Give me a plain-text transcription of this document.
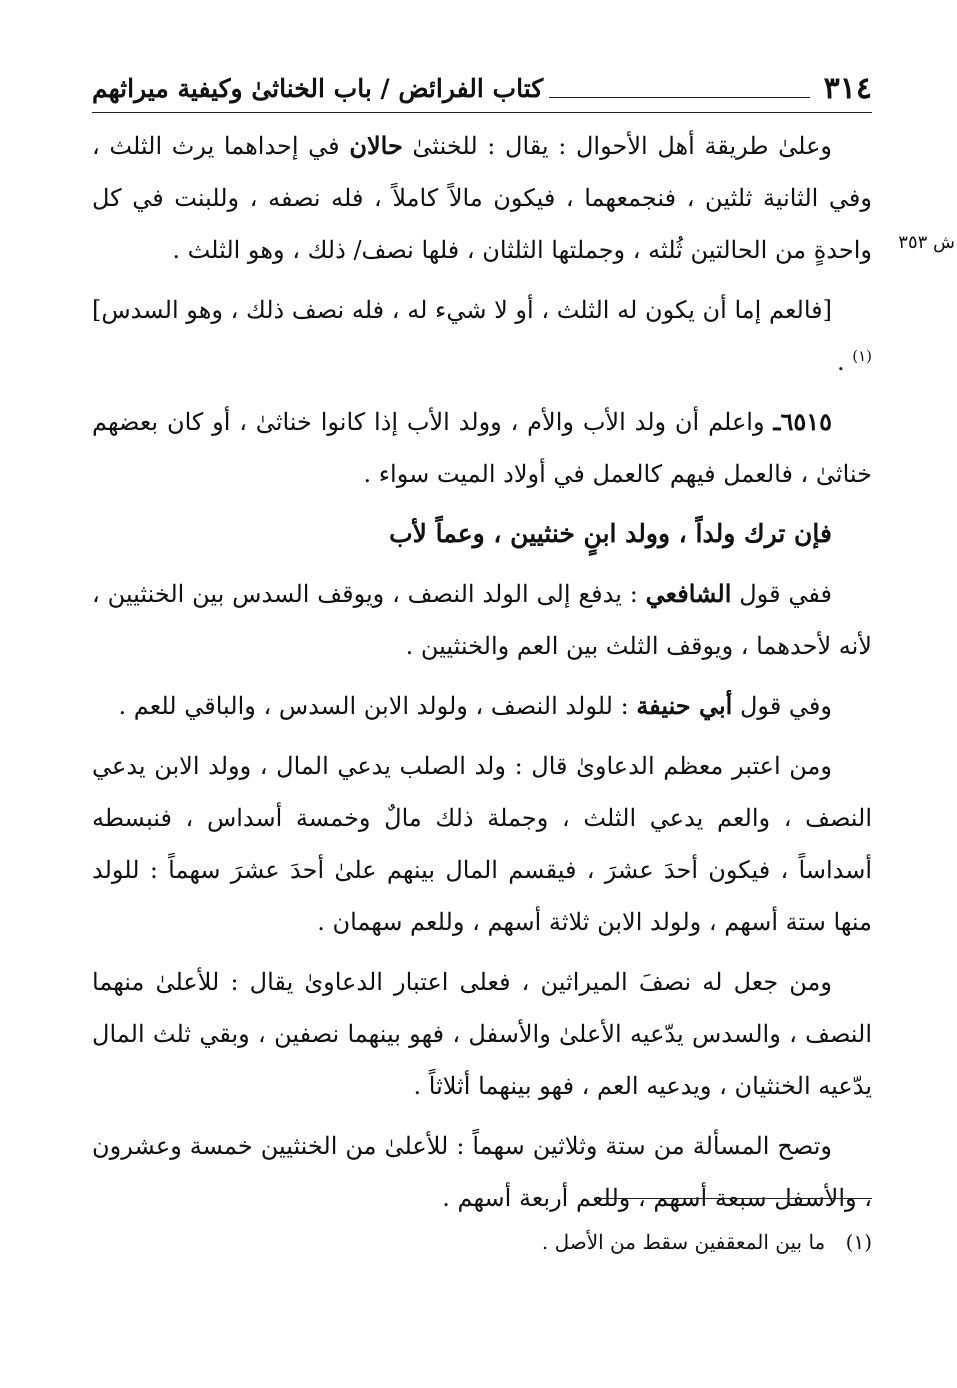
٣١٤
كتاب الفرائض / باب الخناثىٰ وكيفية ميراثهم
ش ٣٥٣

وعلىٰ طريقة أهل الأحوال : يقال : للخنثىٰ حالان في إحداهما يرث الثلث ، وفي الثانية ثلثين ، فنجمعهما ، فيكون مالاً كاملاً ، فله نصفه ، وللبنت في كل واحدةٍ من الحالتين ثُلثه ، وجملتها الثلثان ، فلها نصف/ ذلك ، وهو الثلث .

[فالعم إما أن يكون له الثلث ، أو لا شيء له ، فله نصف ذلك ، وهو السدس]$^{(١)}$ .

٦٥١٥ـ واعلم أن ولد الأب والأم ، وولد الأب إذا كانوا خناثىٰ ، أو كان بعضهم خناثىٰ ، فالعمل فيهم كالعمل في أولاد الميت سواء .

فإن ترك ولداً ، وولد ابنٍ خنثيين ، وعماً لأب

ففي قول الشافعي : يدفع إلى الولد النصف ، ويوقف السدس بين الخنثيين ، لأنه لأحدهما ، ويوقف الثلث بين العم والخنثيين .

وفي قول أبي حنيفة : للولد النصف ، ولولد الابن السدس ، والباقي للعم .

ومن اعتبر معظم الدعاوىٰ قال : ولد الصلب يدعي المال ، وولد الابن يدعي النصف ، والعم يدعي الثلث ، وجملة ذلك مالٌ وخمسة أسداس ، فنبسطه أسداساً ، فيكون أحدَ عشرَ ، فيقسم المال بينهم علىٰ أحدَ عشرَ سهماً : للولد منها ستة أسهم ، ولولد الابن ثلاثة أسهم ، وللعم سهمان .

ومن جعل له نصفَ الميراثين ، فعلى اعتبار الدعاوىٰ يقال : للأعلىٰ منهما النصف ، والسدس يدّعيه الأعلىٰ والأسفل ، فهو بينهما نصفين ، وبقي ثلث المال يدّعيه الخنثيان ، ويدعيه العم ، فهو بينهما أثلاثاً .

وتصح المسألة من ستة وثلاثين سهماً : للأعلىٰ من الخنثيين خمسة وعشرون ، والأسفل سبعة أسهم ، وللعم أربعة أسهم .

(١) ما بين المعقفين سقط من الأصل .
